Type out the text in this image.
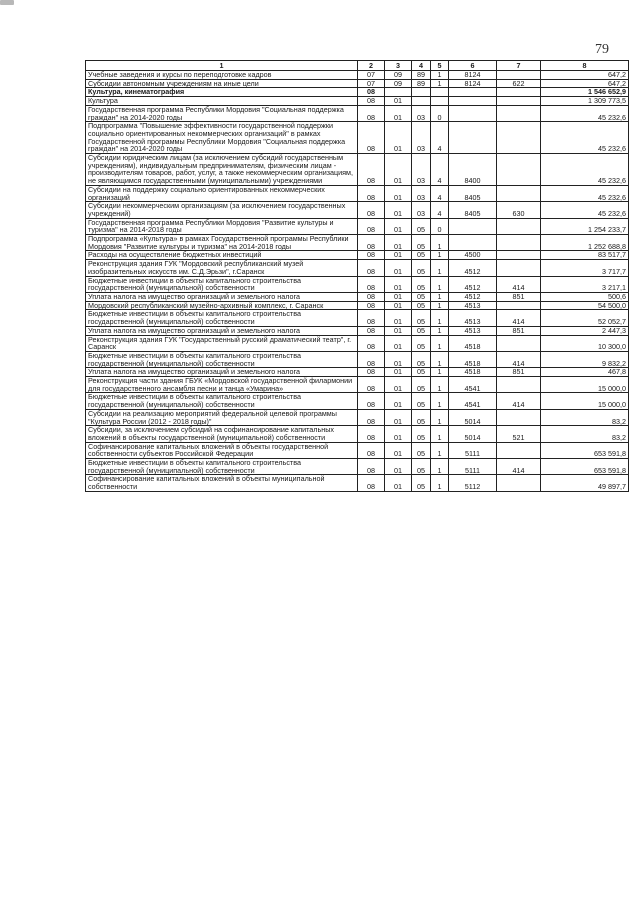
79
1	2	3	4	5	6	7	8
Учебные заведения и курсы по переподготовке кадров	07	09	89	1	8124		647,2
Субсидии автономным учреждениям на иные цели	07	09	89	1	8124	622	647,2
Культура, кинематография	08						1 546 652,9
Культура	08	01					1 309 773,5
Государственная программа Республики Мордовия "Социальная поддержка граждан" на 2014-2020 годы	08	01	03	0			45 232,6
Подпрограмма "Повышение эффективности государственной поддержки социально ориентированных некоммерческих организаций" в рамках Государственной программы Республики Мордовия "Социальная поддержка граждан" на 2014-2020 годы	08	01	03	4			45 232,6
Субсидии юридическим лицам (за исключением субсидий государственным учреждениям), индивидуальным предпринимателям, физическим лицам - производителям товаров, работ, услуг, а также некоммерческим организациям, не являющимся государственными (муниципальными) учреждениями	08	01	03	4	8400		45 232,6
Субсидии на поддержку социально ориентированных некоммерческих организаций	08	01	03	4	8405		45 232,6
Субсидии некоммерческим организациям (за исключением государственных учреждений)	08	01	03	4	8405	630	45 232,6
Государственная программа Республики Мордовия "Развитие культуры и туризма" на 2014-2018 годы	08	01	05	0			1 254 233,7
Подпрограмма «Культура» в рамках Государственной программы Республики Мордовия "Развитие культуры и туризма" на 2014-2018 годы	08	01	05	1			1 252 688,8
Расходы на осуществление бюджетных инвестиций	08	01	05	1	4500		83 517,7
Реконструкция здания ГУК "Мордовский республиканский музей изобразительных искусств им. С.Д.Эрьзи", г.Саранск	08	01	05	1	4512		3 717,7
Бюджетные инвестиции в объекты капитального строительства государственной (муниципальной) собственности	08	01	05	1	4512	414	3 217,1
Уплата налога на имущество организаций и земельного налога	08	01	05	1	4512	851	500,6
Мордовский республиканский музейно-архивный комплекс, г. Саранск	08	01	05	1	4513		54 500,0
Бюджетные инвестиции в объекты капитального строительства государственной (муниципальной) собственности	08	01	05	1	4513	414	52 052,7
Уплата налога на имущество организаций и земельного налога	08	01	05	1	4513	851	2 447,3
Реконструкция здания ГУК "Государственный русский драматический театр", г. Саранск	08	01	05	1	4518		10 300,0
Бюджетные инвестиции в объекты капитального строительства государственной (муниципальной) собственности	08	01	05	1	4518	414	9 832,2
Уплата налога на имущество организаций и земельного налога	08	01	05	1	4518	851	467,8
Реконструкция части здания ГБУК «Мордовской государственной филармонии для государственного ансамбля песни и танца «Умарина»	08	01	05	1	4541		15 000,0
Бюджетные инвестиции в объекты капитального строительства государственной (муниципальной) собственности	08	01	05	1	4541	414	15 000,0
Субсидии на реализацию мероприятий федеральной целевой программы "Культура России (2012 - 2018 годы)"	08	01	05	1	5014		83,2
Субсидии, за исключением субсидий на софинансирование капитальных вложений в объекты государственной (муниципальной) собственности	08	01	05	1	5014	521	83,2
Софинансирование капитальных вложений в объекты государственной собственности субъектов Российской Федерации	08	01	05	1	5111		653 591,8
Бюджетные инвестиции в объекты капитального строительства государственной (муниципальной) собственности	08	01	05	1	5111	414	653 591,8
Софинансирование капитальных вложений в объекты муниципальной собственности	08	01	05	1	5112		49 897,7
